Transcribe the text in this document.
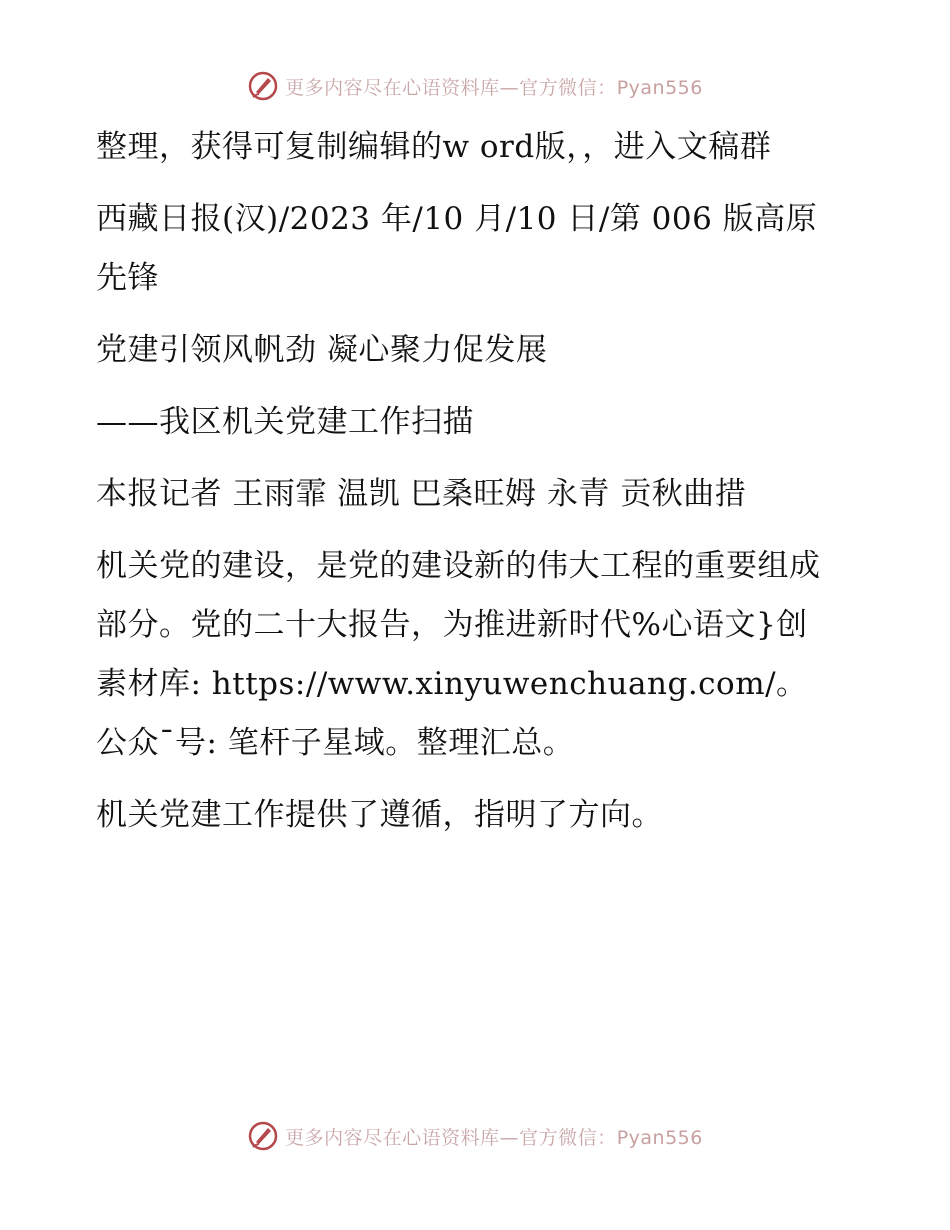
更多内容尽在心语资料库—官方微信：Pyan556

整理，获得可复制编辑的w ord版，，进入文稿群

西藏日报(汉)/2023 年/10 月/10 日/第 006 版高原先锋

党建引领风帆劲 凝心聚力促发展

——我区机关党建工作扫描

本报记者 王雨霏 温凯 巴桑旺姆 永青 贡秋曲措

机关党的建设，是党的建设新的伟大工程的重要组成部分。党的二十大报告，为推进新时代%心语文}创素材库: https://www.xinyuwenchuang.com/。公众¯号: 笔杆子星域。整理汇总。

机关党建工作提供了遵循，指明了方向。

更多内容尽在心语资料库—官方微信：Pyan556
